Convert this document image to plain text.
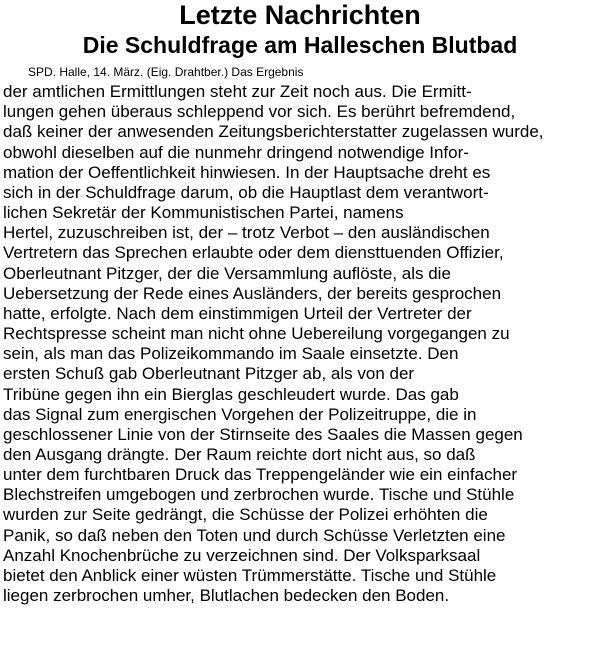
Letzte Nachrichten
Die Schuldfrage am Halleschen Blutbad
SPD. Halle, 14. März. (Eig. Drahtber.) Das Ergebnis
der amtlichen Ermittlungen steht zur Zeit noch aus. Die Ermitt-
lungen gehen überaus schleppend vor sich. Es berührt befremdend,
daß keiner der anwesenden Zeitungsberichterstatter zugelassen wurde,
obwohl dieselben auf die nunmehr dringend notwendige Infor-
mation der Oeffentlichkeit hinwiesen. In der Hauptsache dreht es
sich in der Schuldfrage darum, ob die Hauptlast dem verantwort-
lichen Sekretär der Kommunistischen Partei, namens
Hertel, zuzuschreiben ist, der – trotz Verbot – den ausländischen
Vertretern das Sprechen erlaubte oder dem diensttuenden Offizier,
Oberleutnant Pitzger, der die Versammlung auflöste, als die
Uebersetzung der Rede eines Ausländers, der bereits gesprochen
hatte, erfolgte. Nach dem einstimmigen Urteil der Vertreter der
Rechtspresse scheint man nicht ohne Uebereilung vorgegangen zu
sein, als man das Polizeikommando im Saale einsetzte. Den
ersten Schuß gab Oberleutnant Pitzger ab, als von der
Tribüne gegen ihn ein Bierglas geschleudert wurde. Das gab
das Signal zum energischen Vorgehen der Polizeitruppe, die in
geschlossener Linie von der Stirnseite des Saales die Massen gegen
den Ausgang drängte. Der Raum reichte dort nicht aus, so daß
unter dem furchtbaren Druck das Treppengeländer wie ein einfacher
Blechstreifen umgebogen und zerbrochen wurde. Tische und Stühle
wurden zur Seite gedrängt, die Schüsse der Polizei erhöhten die
Panik, so daß neben den Toten und durch Schüsse Verletzten eine
Anzahl Knochenbrüche zu verzeichnen sind. Der Volksparksaal
bietet den Anblick einer wüsten Trümmerstätte. Tische und Stühle
liegen zerbrochen umher, Blutlachen bedecken den Boden.
